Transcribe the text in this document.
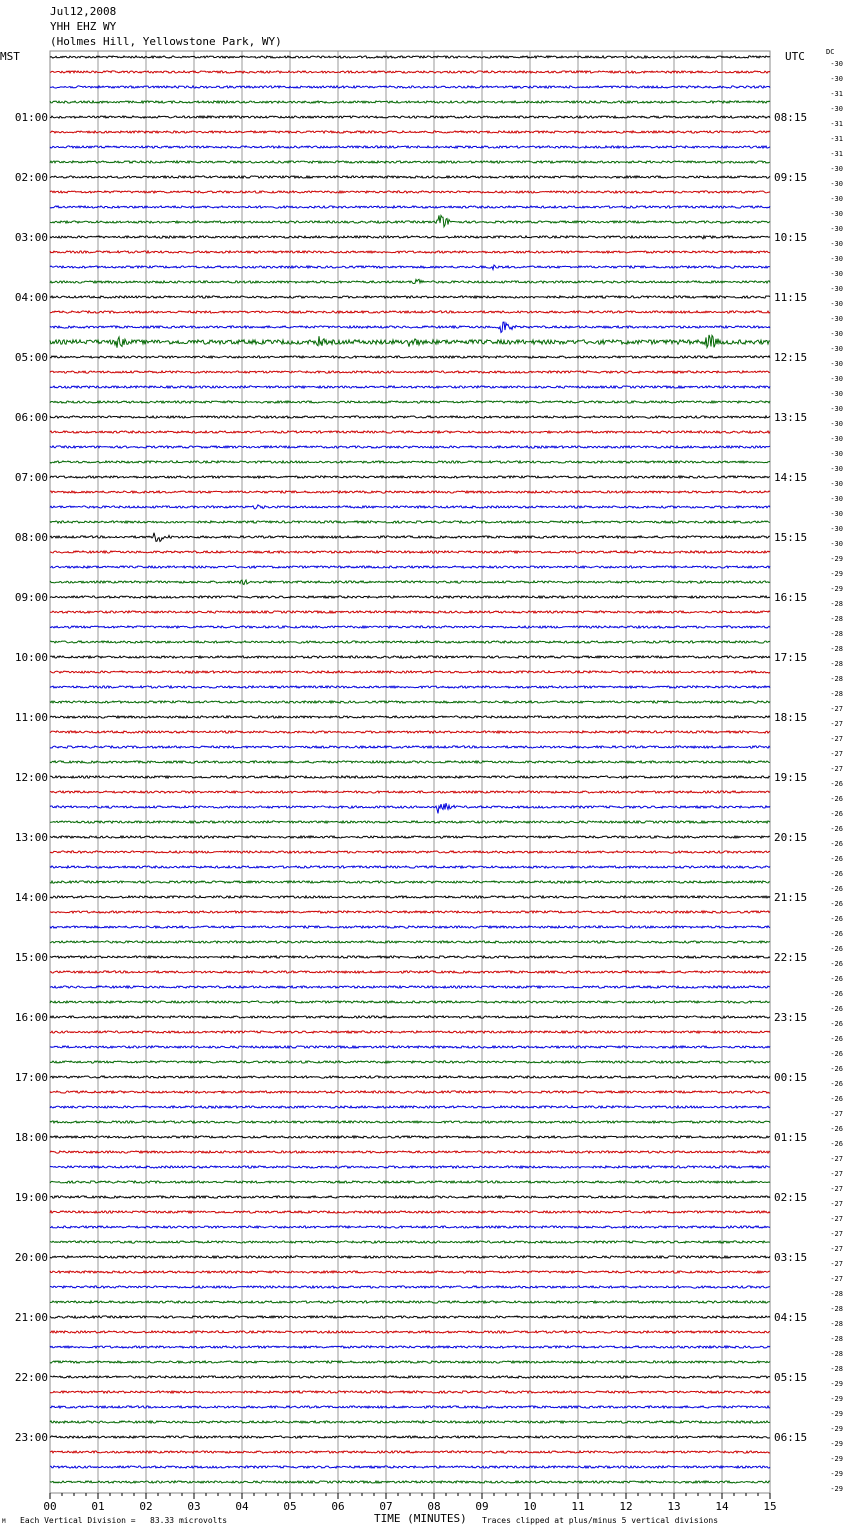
Jul12,2008
YHH EHZ WY
(Holmes Hill, Yellowstone Park, WY)
MST	UTC	DC
-30
-30
-31
-30
-31
-31
-31
-30
-30
-30
-30
-30
-30
-30
-30
-30
-30
-30
-30
-30
-30
-30
-30
-30
-30
-30
-30
-30
-30
-30
-30
-30
-30
-29
-29
-29
-28
-28
-28
-28
-28
-28
-28
-27
-27
-27
-27
-27
-26
-26
-26
-26
-26
-26
-26
-26
-26
-26
-26
-26
-26
-26
-26
-26
-26
-26
-26
-26
-26
-26
-27
-26
-26
-27
-27
-27
-27
-27
-27
-27
-27
-27
-28
-28
-28
-28
-28
-28
-29
-29
-29
-29
-29
-29
-29
-29
01:00
02:00
03:00
04:00
05:00
06:00
07:00
08:00
09:00
10:00
11:00
12:00
13:00
14:00
15:00
16:00
17:00
18:00
19:00
20:00
21:00
22:00
23:00
08:15
09:15
10:15
11:15
12:15
13:15
14:15
15:15
16:15
17:15
18:15
19:15
20:15
21:15
22:15
23:15
00:15
01:15
02:15
03:15
04:15
05:15
06:15
00	01	02	03	04	05	06	07	08	09	10	11	12	13	14	15
TIME (MINUTES)
Each Vertical Division =   83.33 microvolts	Traces clipped at plus/minus 5 vertical divisions
M
